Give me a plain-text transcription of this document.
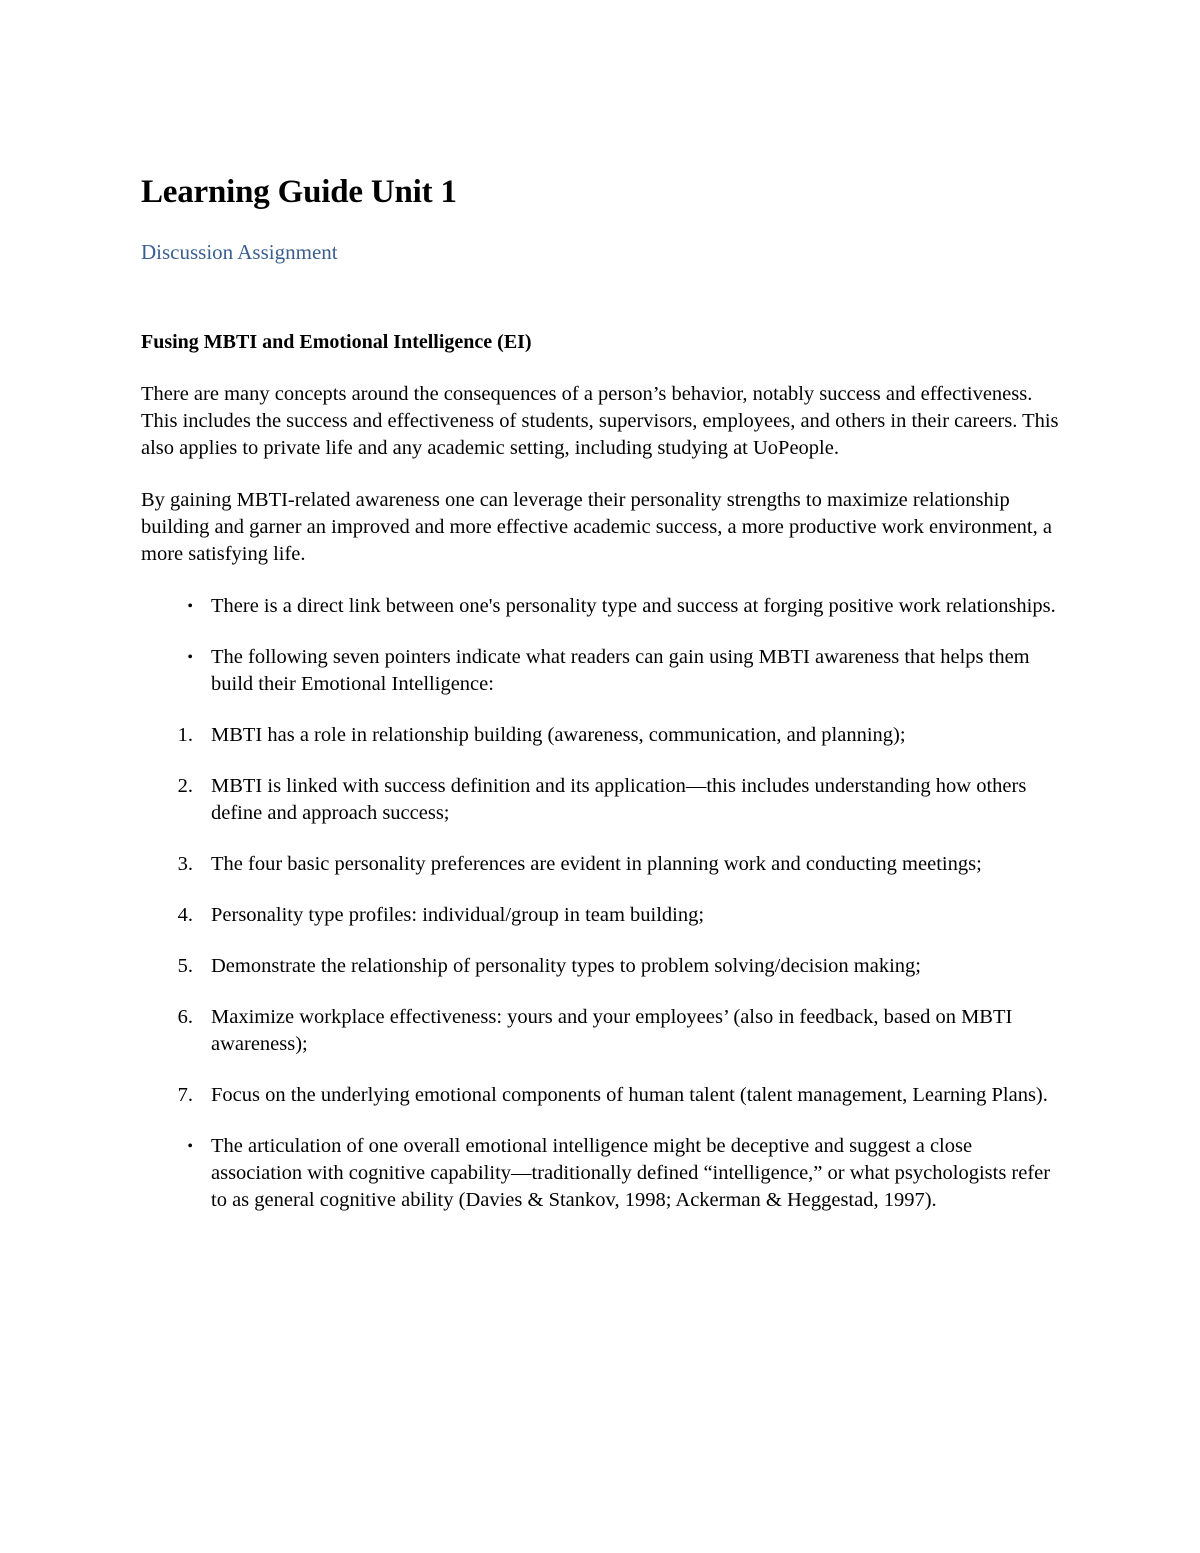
Learning Guide Unit 1
Discussion Assignment
Fusing MBTI and Emotional Intelligence (EI)

There are many concepts around the consequences of a person’s behavior, notably success and effectiveness. This includes the success and effectiveness of students, supervisors, employees, and others in their careers. This also applies to private life and any academic setting, including studying at UoPeople.

By gaining MBTI-related awareness one can leverage their personality strengths to maximize relationship building and garner an improved and more effective academic success, a more productive work environment, a more satisfying life.

• There is a direct link between one's personality type and success at forging positive work relationships.
• The following seven pointers indicate what readers can gain using MBTI awareness that helps them build their Emotional Intelligence:
1. MBTI has a role in relationship building (awareness, communication, and planning);
2. MBTI is linked with success definition and its application—this includes understanding how others define and approach success;
3. The four basic personality preferences are evident in planning work and conducting meetings;
4. Personality type profiles: individual/group in team building;
5. Demonstrate the relationship of personality types to problem solving/decision making;
6. Maximize workplace effectiveness: yours and your employees’ (also in feedback, based on MBTI awareness);
7. Focus on the underlying emotional components of human talent (talent management, Learning Plans).
• The articulation of one overall emotional intelligence might be deceptive and suggest a close association with cognitive capability—traditionally defined “intelligence,” or what psychologists refer to as general cognitive ability (Davies & Stankov, 1998; Ackerman & Heggestad, 1997).
